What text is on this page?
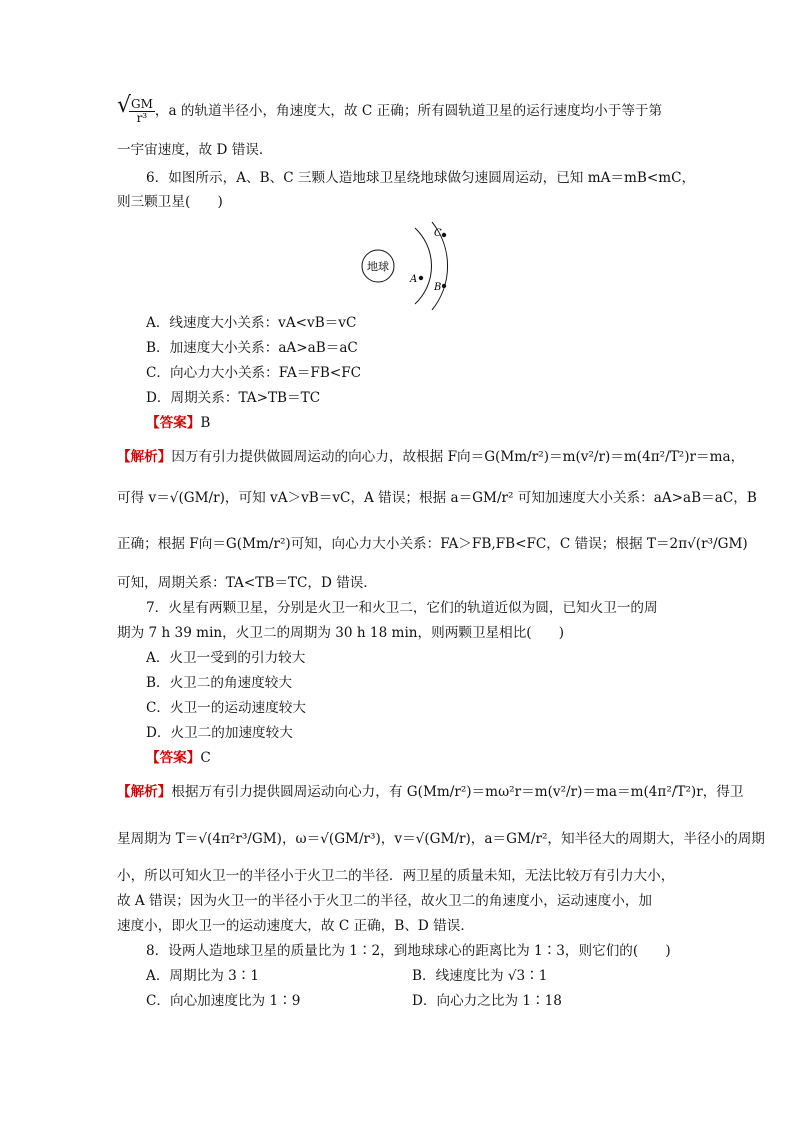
√ $\frac{GM}{\text{r³}}$ ，a 的轨道半径小，角速度大，故 C 正确；所有圆轨道卫星的运行速度均小于等于第
一宇宙速度，故 D 错误．
6．如图所示，A、B、C 三颗人造地球卫星绕地球做匀速圆周运动，已知 mA＝mB<mC，
则三颗卫星(　　)
地球
A
B
C
A．线速度大小关系：vA<vB＝vC
B．加速度大小关系：aA>aB＝aC
C．向心力大小关系：FA＝FB<FC
D．周期关系：TA>TB＝TC
【答案】B
【解析】因万有引力提供做圆周运动的向心力，故根据 F向＝G(Mm/r²)＝m(v²/r)＝m(4π²/T²)r＝ma，
可得 v＝√(GM/r)，可知 vA＞vB＝vC，A 错误；根据 a＝GM/r² 可知加速度大小关系：aA>aB＝aC，B
正确；根据 F向＝G(Mm/r²)可知，向心力大小关系：FA＞FB,FB<FC，C 错误；根据 T＝2π√(r³/GM)
可知，周期关系：TA<TB＝TC，D 错误．
7．火星有两颗卫星，分别是火卫一和火卫二，它们的轨道近似为圆，已知火卫一的周
期为 7 h 39 min，火卫二的周期为 30 h 18 min，则两颗卫星相比(　　)
A．火卫一受到的引力较大
B．火卫二的角速度较大
C．火卫一的运动速度较大
D．火卫二的加速度较大
【答案】C
【解析】根据万有引力提供圆周运动向心力，有 G(Mm/r²)＝mω²r＝m(v²/r)＝ma＝m(4π²/T²)r，得卫
星周期为 T＝√(4π²r³/GM)，ω＝√(GM/r³)，v＝√(GM/r)，a＝GM/r²，知半径大的周期大，半径小的周期
小，所以可知火卫一的半径小于火卫二的半径．两卫星的质量未知，无法比较万有引力大小，
故 A 错误；因为火卫一的半径小于火卫二的半径，故火卫二的角速度小，运动速度小，加
速度小，即火卫一的运动速度大，故 C 正确，B、D 错误．
8．设两人造地球卫星的质量比为 1∶2，到地球球心的距离比为 1∶3，则它们的(　　)
A．周期比为 3∶1	B．线速度比为 √3∶1
C．向心加速度比为 1∶9	D．向心力之比为 1∶18
